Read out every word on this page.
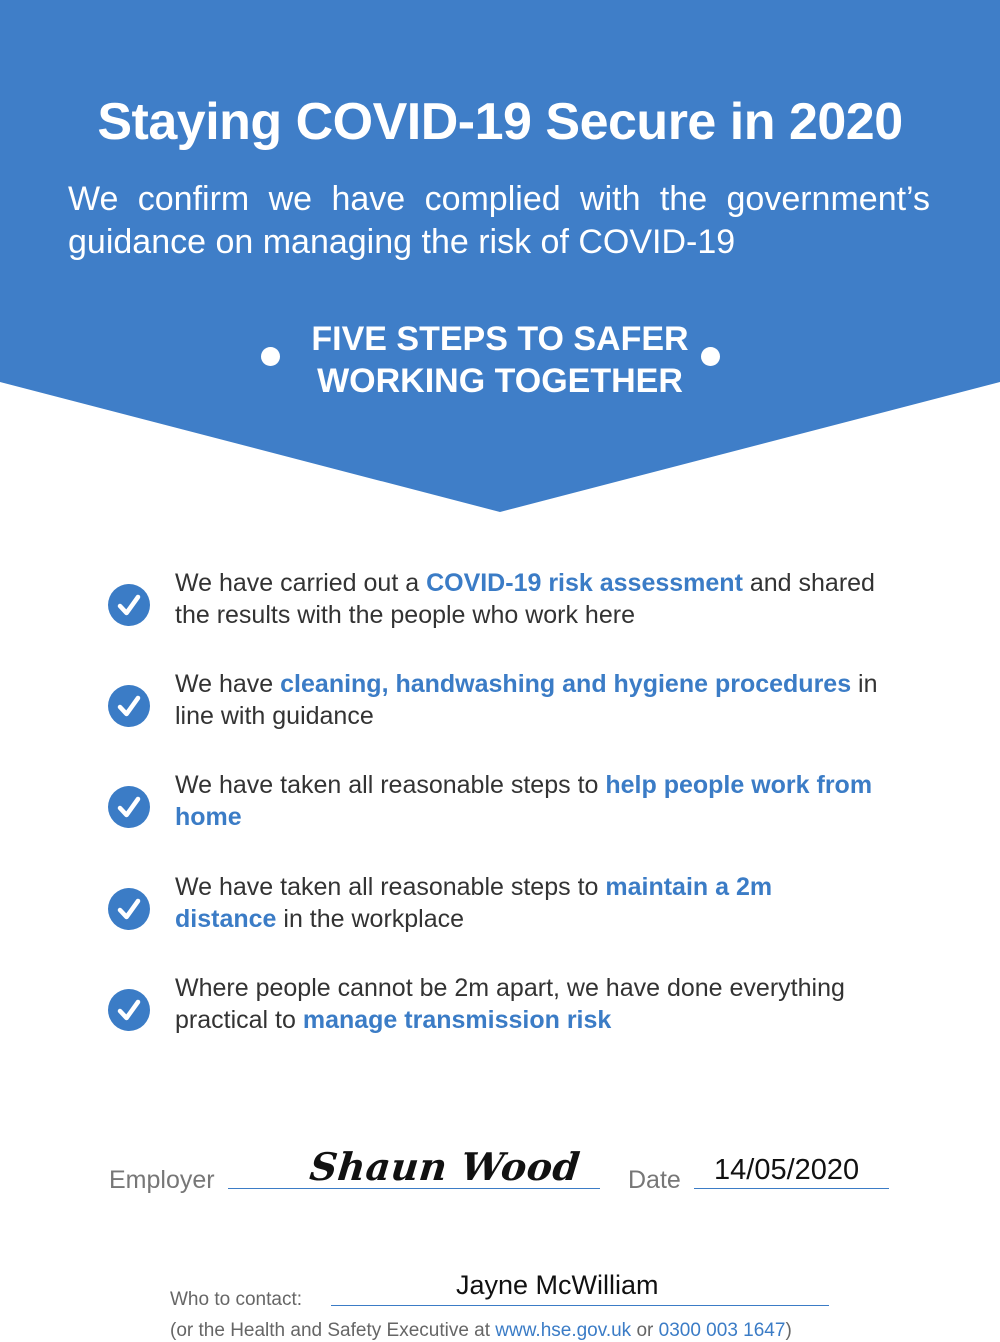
Staying COVID-19 Secure in 2020
We confirm we have complied with the government’s guidance on managing the risk of COVID-19
FIVE STEPS TO SAFER
WORKING TOGETHER
We have carried out a COVID-19 risk assessment and shared the results with the people who work here
We have cleaning, handwashing and hygiene procedures in line with guidance
We have taken all reasonable steps to help people work from home
We have taken all reasonable steps to maintain a 2m distance in the workplace
Where people cannot be 2m apart, we have done everything practical to manage transmission risk
Employer Shaun Wood Date 14/05/2020
Who to contact:	Jayne McWilliam
(or the Health and Safety Executive at www.hse.gov.uk or 0300 003 1647)
